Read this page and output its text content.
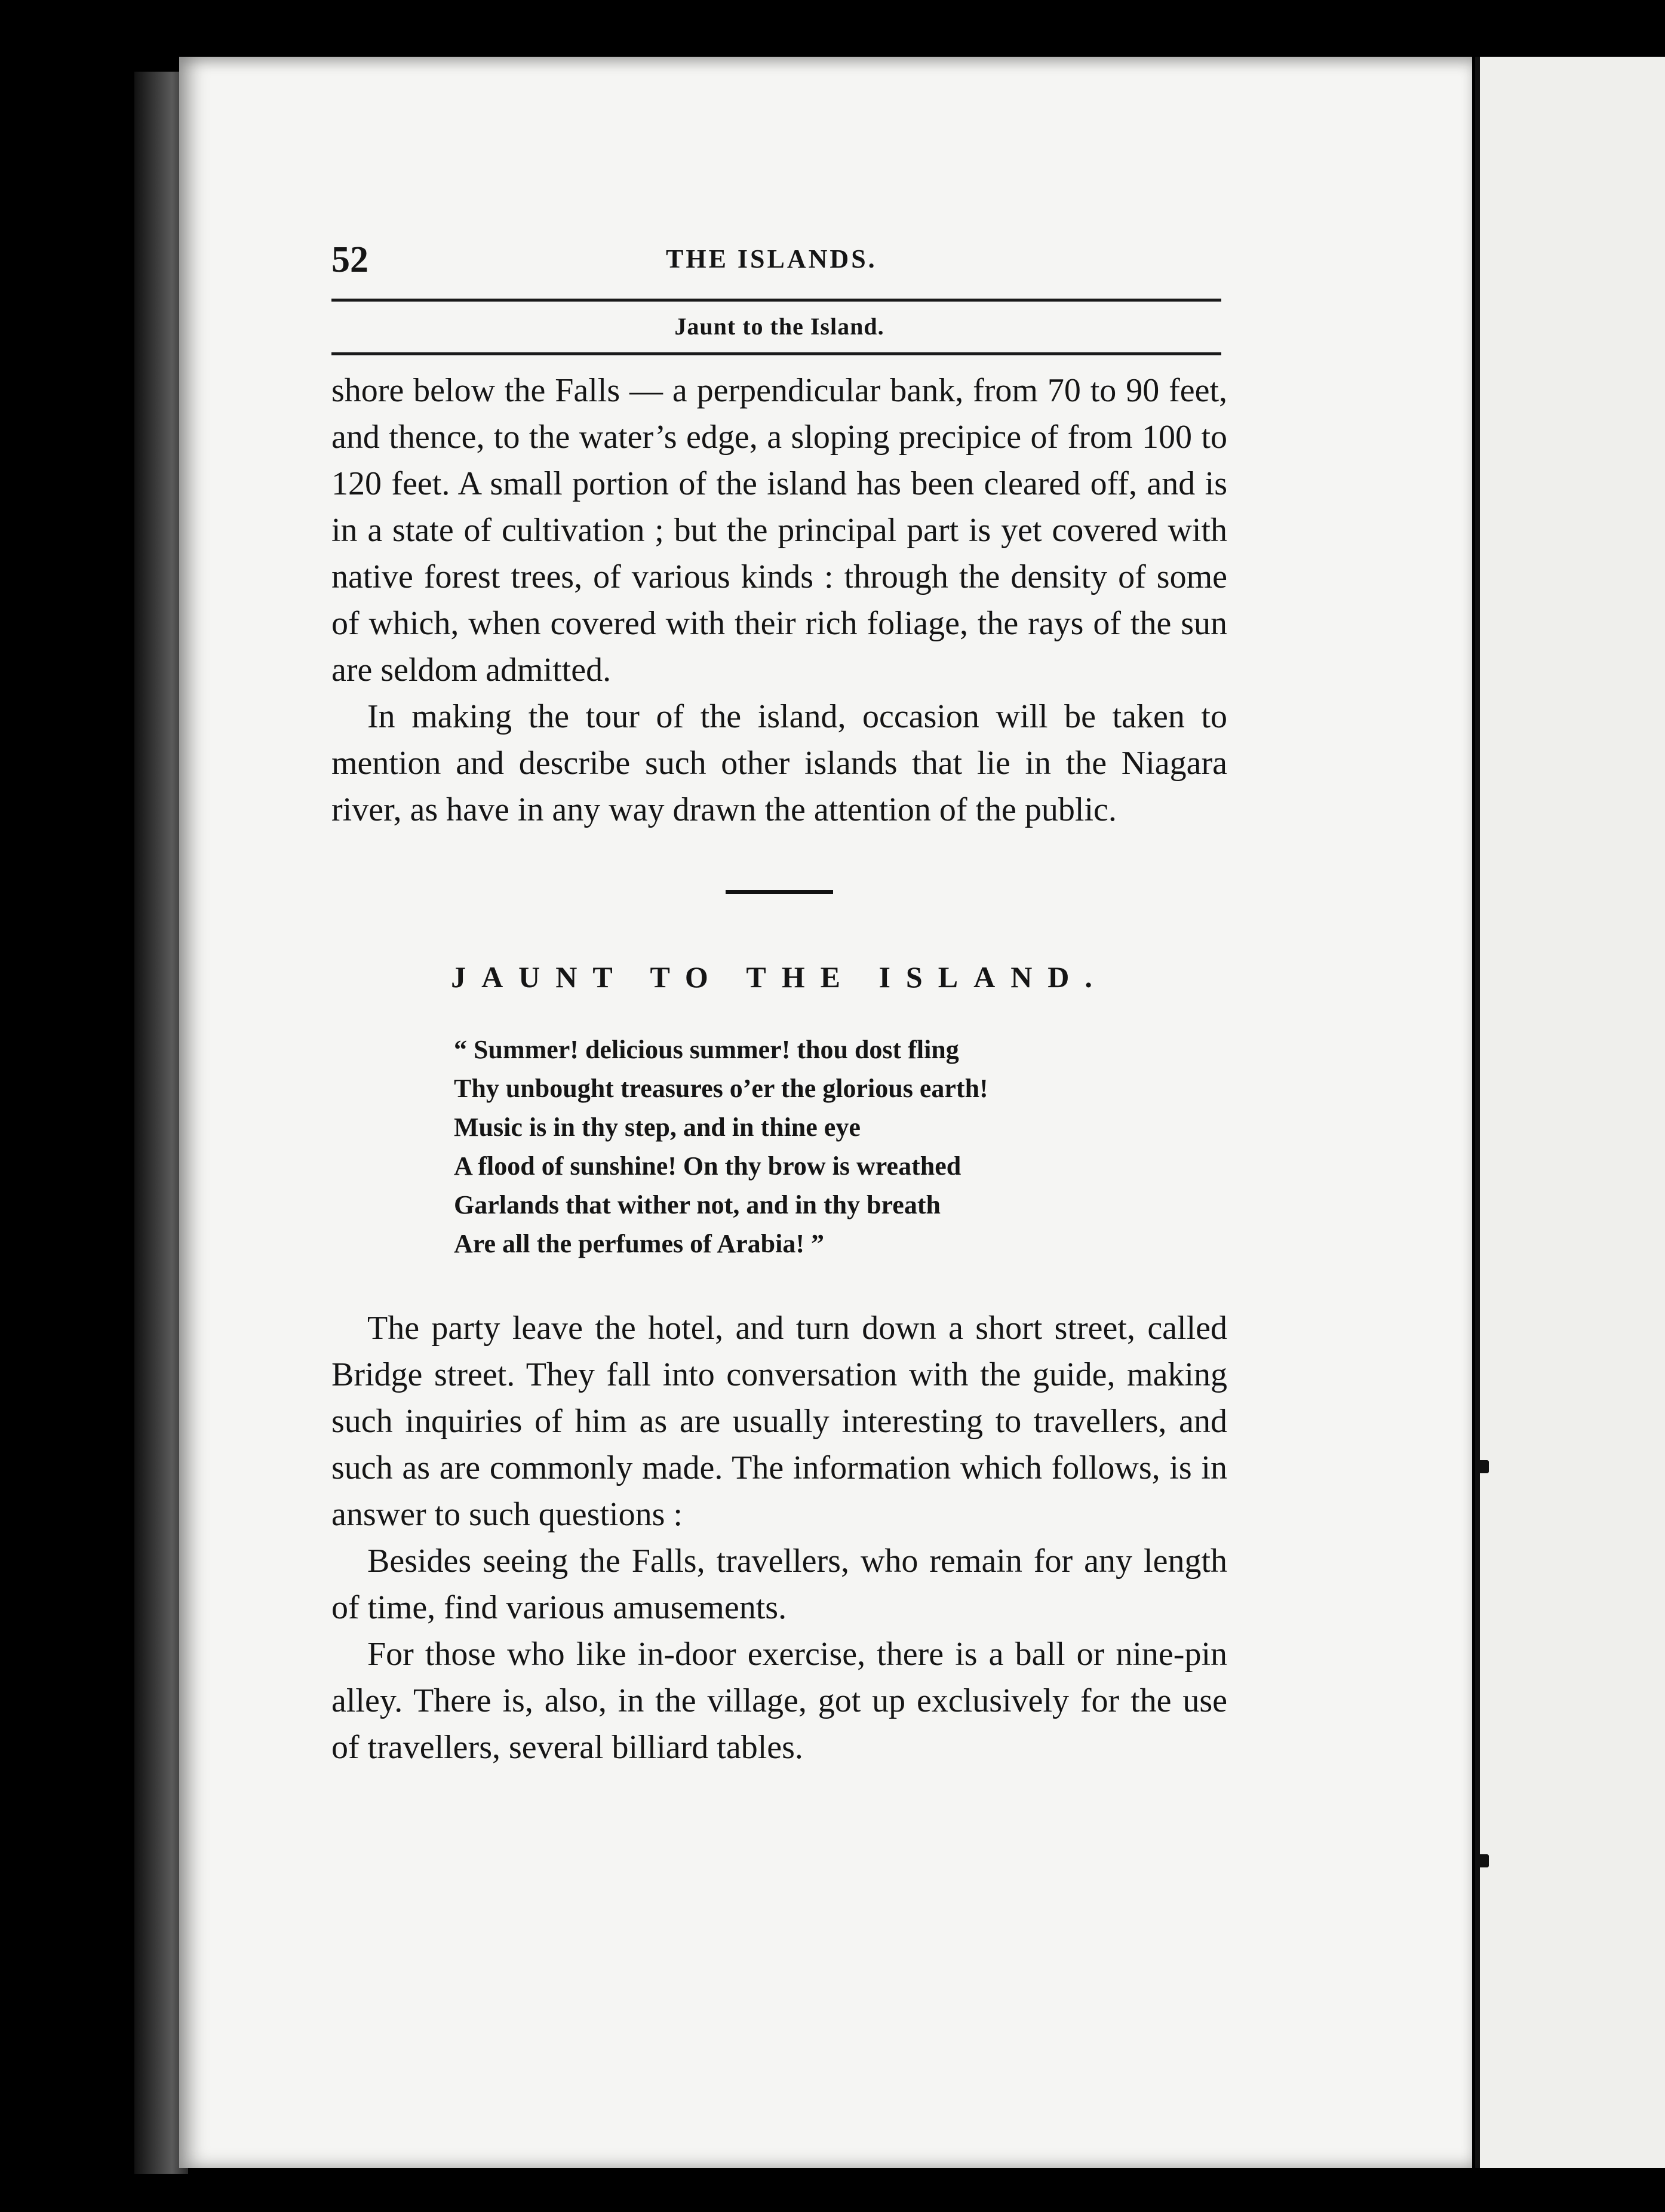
52	THE ISLANDS.
Jaunt to the Island.

shore below the Falls — a perpendicular bank, from 70 to 90 feet, and thence, to the water’s edge, a sloping precipice of from 100 to 120 feet. A small portion of the island has been cleared off, and is in a state of cultivation ; but the principal part is yet covered with native forest trees, of various kinds : through the density of some of which, when covered with their rich foliage, the rays of the sun are seldom admitted.

In making the tour of the island, occasion will be taken to mention and describe such other islands that lie in the Niagara river, as have in any way drawn the attention of the public.

JAUNT TO THE ISLAND.
“ Summer! delicious summer! thou dost fling
Thy unbought treasures o’er the glorious earth!
Music is in thy step, and in thine eye
A flood of sunshine! On thy brow is wreathed
Garlands that wither not, and in thy breath
Are all the perfumes of Arabia! ”

The party leave the hotel, and turn down a short street, called Bridge street. They fall into conversation with the guide, making such inquiries of him as are usually interesting to travellers, and such as are commonly made. The information which follows, is in answer to such questions :

Besides seeing the Falls, travellers, who remain for any length of time, find various amusements.

For those who like in-door exercise, there is a ball or nine-pin alley. There is, also, in the village, got up exclusively for the use of travellers, several billiard tables.
